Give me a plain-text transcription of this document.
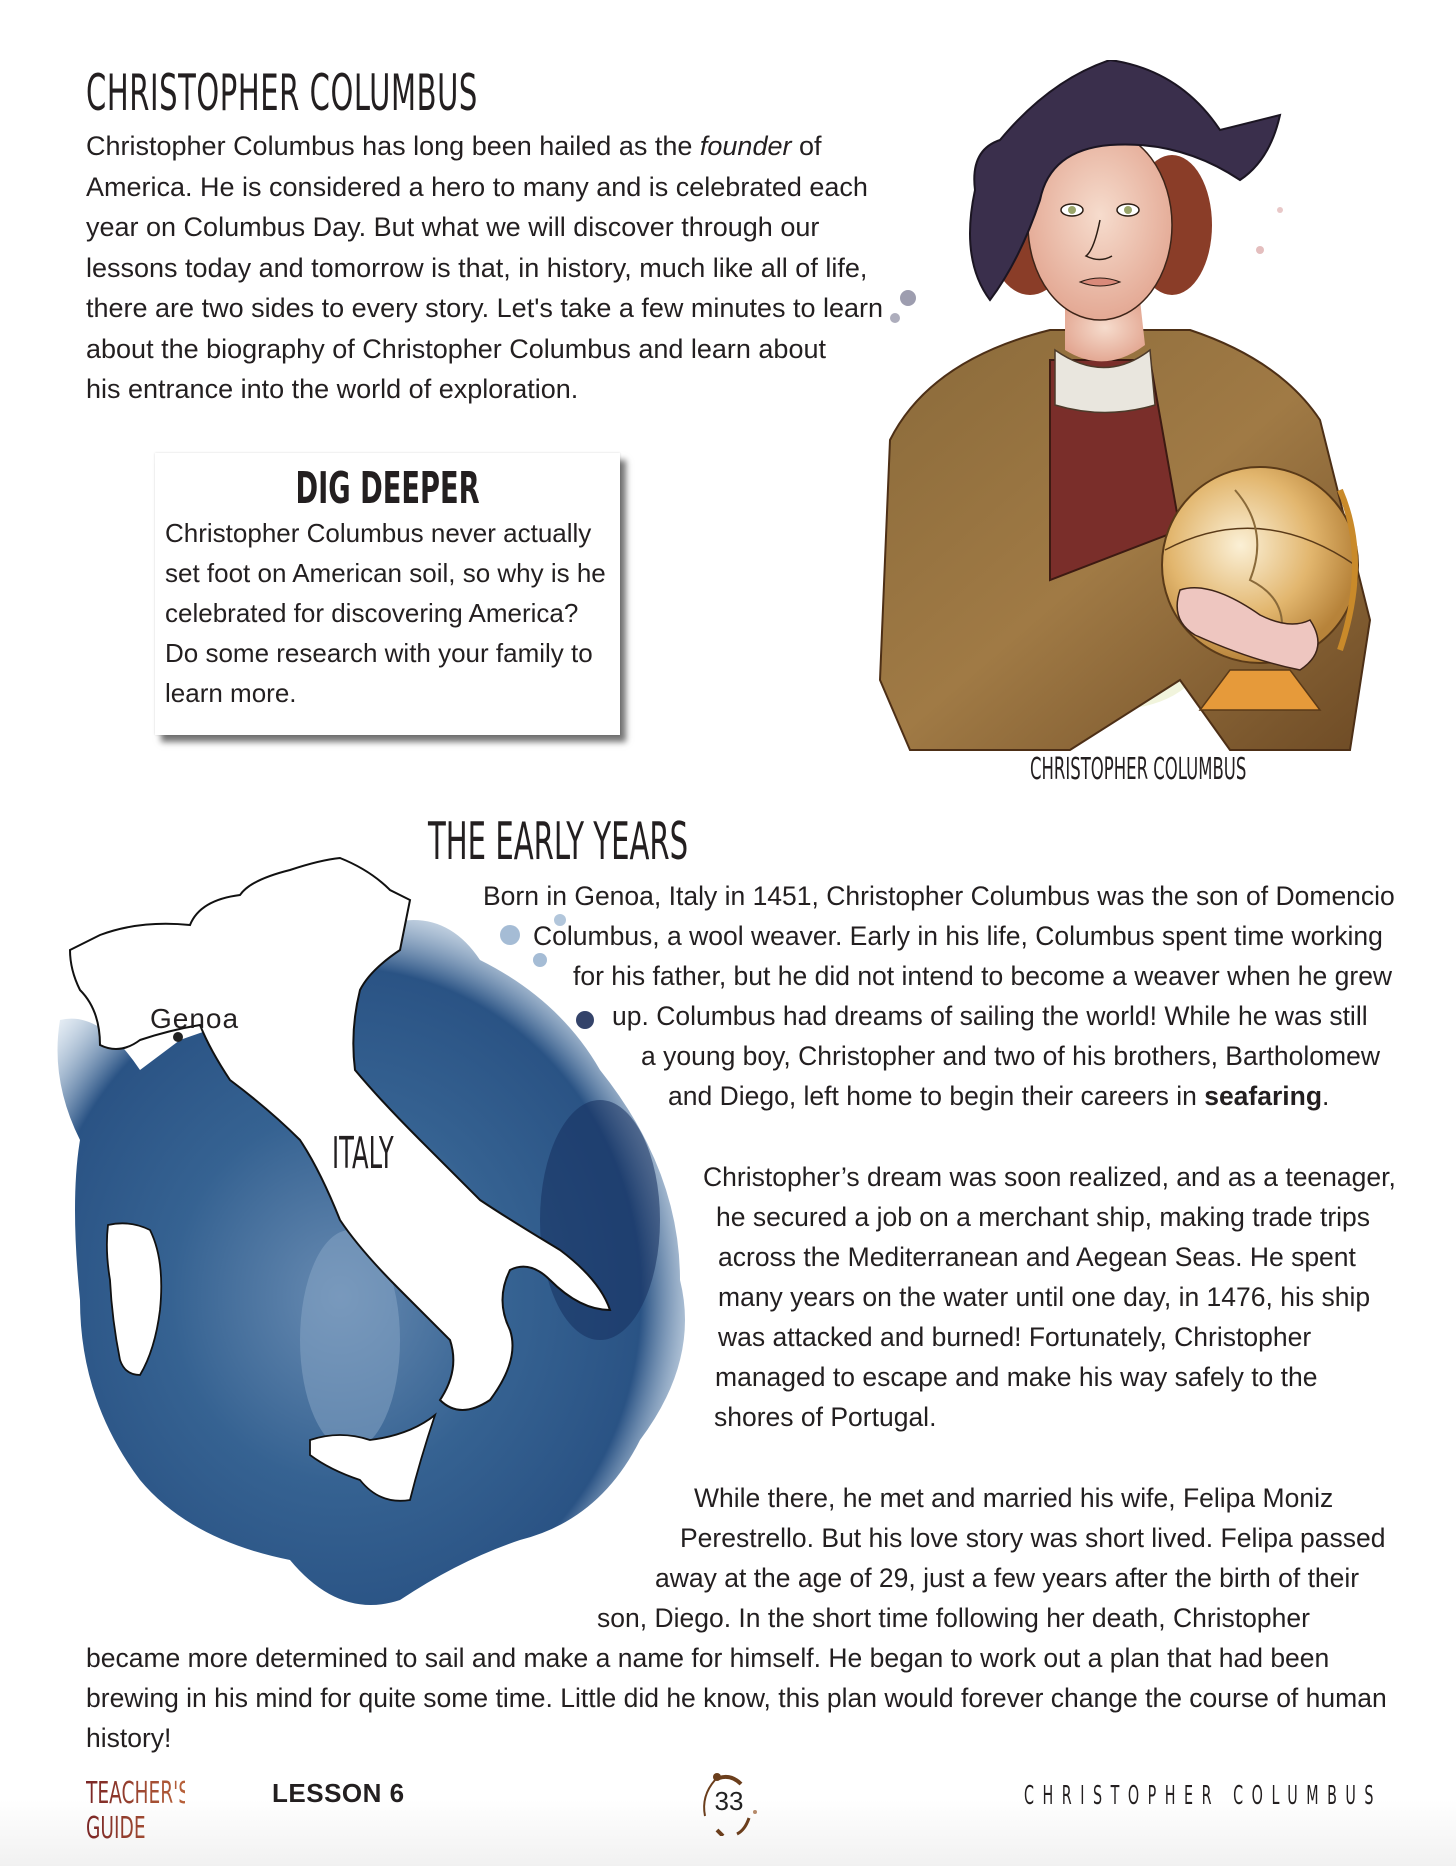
CHRISTOPHER COLUMBUS
Christopher Columbus has long been hailed as the founder of
America. He is considered a hero to many and is celebrated each
year on Columbus Day. But what we will discover through our
lessons today and tomorrow is that, in history, much like all of life,
there are two sides to every story. Let's take a few minutes to learn
about the biography of Christopher Columbus and learn about
his entrance into the world of exploration.
DIG DEEPER
Christopher Columbus never actually
set foot on American soil, so why is he
celebrated for discovering America?
Do some research with your family to
learn more.
CHRISTOPHER COLUMBUS
Genoa
ITALY
THE EARLY YEARS
Born in Genoa, Italy in 1451, Christopher Columbus was the son of Domencio
Columbus, a wool weaver. Early in his life, Columbus spent time working
for his father, but he did not intend to become a weaver when he grew
up. Columbus had dreams of sailing the world! While he was still
a young boy, Christopher and two of his brothers, Bartholomew
and Diego, left home to begin their careers in seafaring.
Christopher’s dream was soon realized, and as a teenager,
he secured a job on a merchant ship, making trade trips
across the Mediterranean and Aegean Seas. He spent
many years on the water until one day, in 1476, his ship
was attacked and burned! Fortunately, Christopher
managed to escape and make his way safely to the
shores of Portugal.
While there, he met and married his wife, Felipa Moniz
Perestrello. But his love story was short lived. Felipa passed
away at the age of 29, just a few years after the birth of their
son, Diego. In the short time following her death, Christopher
became more determined to sail and make a name for himself. He began to work out a plan that had been
brewing in his mind for quite some time. Little did he know, this plan would forever change the course of human
history!
TEACHER'S GUIDE
LESSON 6	33	CHRISTOPHER COLUMBUS
